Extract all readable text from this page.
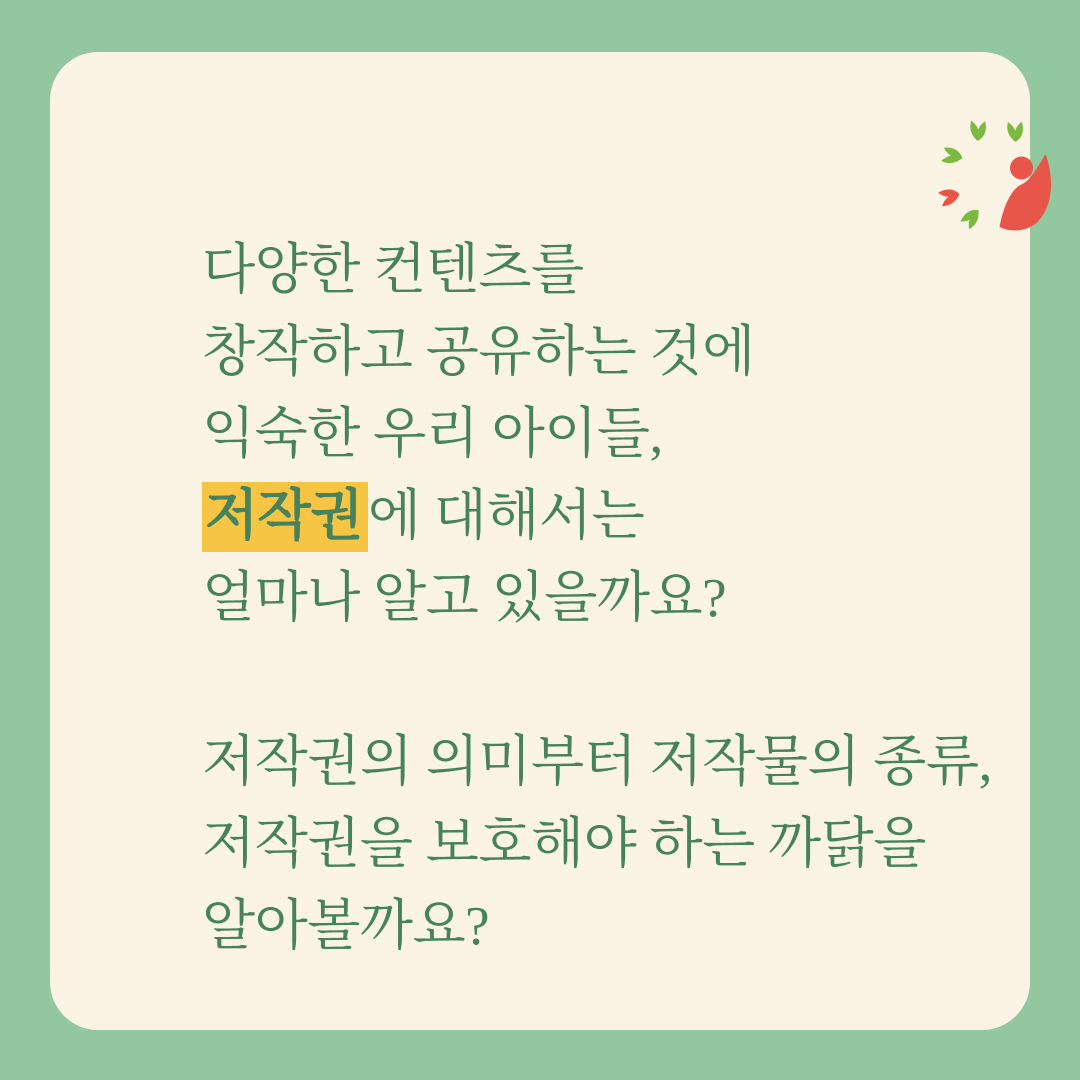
다양한 컨텐츠를
창작하고 공유하는 것에
익숙한 우리 아이들,
저작권에 대해서는
얼마나 알고 있을까요?
저작권의 의미부터 저작물의 종류,
저작권을 보호해야 하는 까닭을
알아볼까요?
